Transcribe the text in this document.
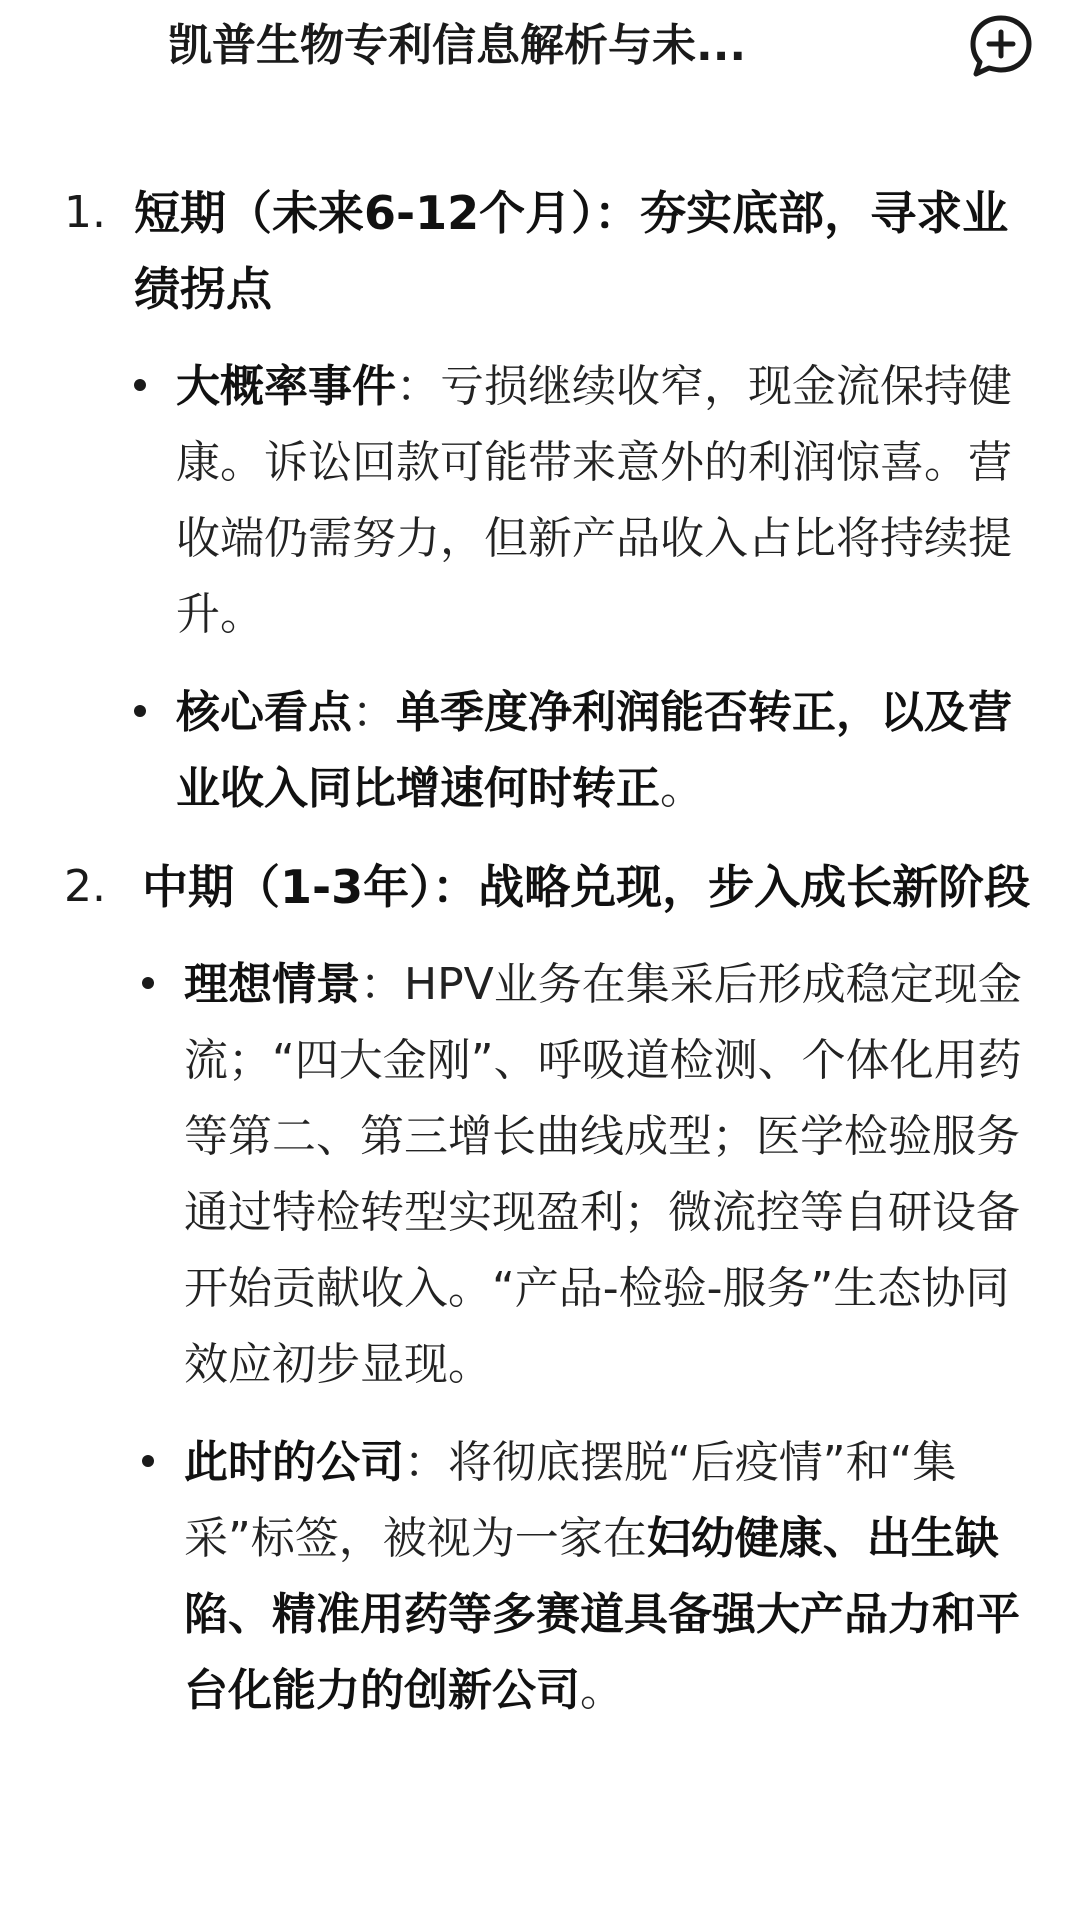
凯普生物专利信息解析与未...
1. 短期（未来6-12个月）：夯实底部，寻求业绩拐点
大概率事件：亏损继续收窄，现金流保持健康。诉讼回款可能带来意外的利润惊喜。营收端仍需努力，但新产品收入占比将持续提升。
核心看点：单季度净利润能否转正，以及营业收入同比增速何时转正。
2. 中期（1-3年）：战略兑现，步入成长新阶段
理想情景：HPV业务在集采后形成稳定现金流；“四大金刚”、呼吸道检测、个体化用药等第二、第三增长曲线成型；医学检验服务通过特检转型实现盈利；微流控等自研设备开始贡献收入。“产品-检验-服务”生态协同效应初步显现。
此时的公司：将彻底摆脱“后疫情”和“集采”标签，被视为一家在妇幼健康、出生缺陷、精准用药等多赛道具备强大产品力和平台化能力的创新公司。
